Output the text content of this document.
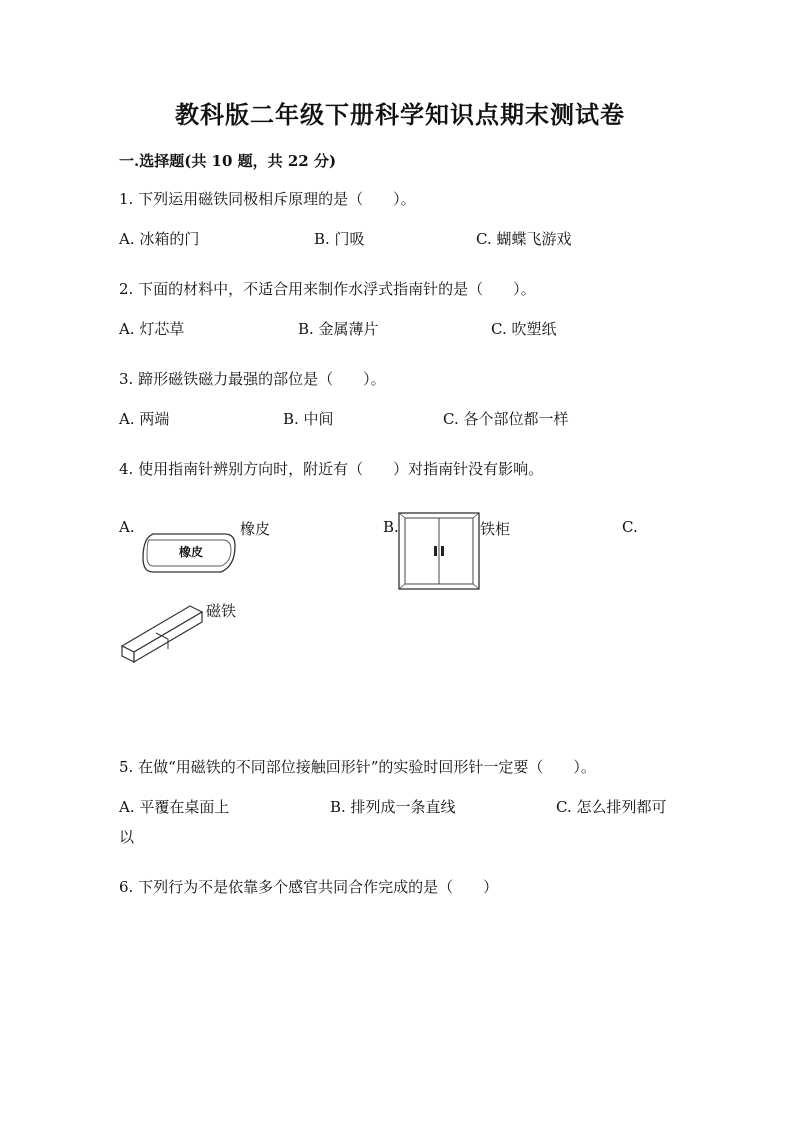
教科版二年级下册科学知识点期末测试卷
一.选择题(共 10 题，共 22 分)
1. 下列运用磁铁同极相斥原理的是（　　）。
A. 冰箱的门	B. 门吸	C. 蝴蝶飞游戏
2. 下面的材料中，不适合用来制作水浮式指南针的是（　　）。
A. 灯芯草	B. 金属薄片	C. 吹塑纸
3. 蹄形磁铁磁力最强的部位是（　　）。
A. 两端	B. 中间	C. 各个部位都一样
4. 使用指南针辨别方向时，附近有（　　）对指南针没有影响。
A.	B.	C.
橡皮
橡皮	铁柜
磁铁
5. 在做“用磁铁的不同部位接触回形针”的实验时回形针一定要（　　）。
A. 平覆在桌面上	B. 排列成一条直线	C. 怎么排列都可
以
6. 下列行为不是依靠多个感官共同合作完成的是（　　）
